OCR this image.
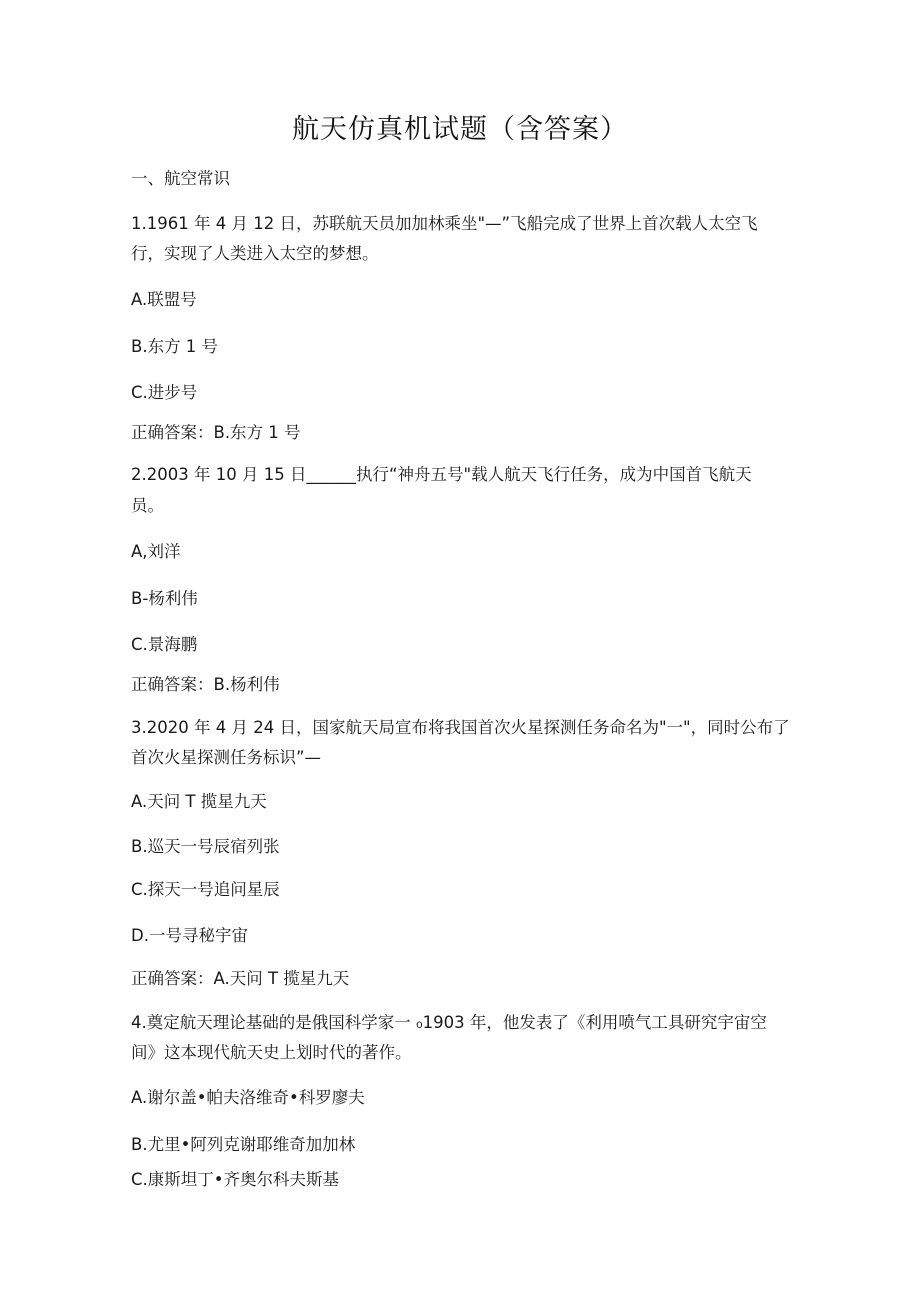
航天仿真机试题（含答案）
一、航空常识
1.1961 年 4 月 12 日，苏联航天员加加林乘坐"—”飞船完成了世界上首次载人太空飞
行，实现了人类进入太空的梦想。
A.联盟号
B.东方 1 号
C.进步号
正确答案：B.东方 1 号
2.2003 年 10 月 15 日______执行“神舟五号"载人航天飞行任务，成为中国首飞航天
员。
A,刘洋
B-杨利伟
C.景海鹏
正确答案：B.杨利伟
3.2020 年 4 月 24 日，国家航天局宣布将我国首次火星探测任务命名为"一"，同时公布了
首次火星探测任务标识”—
A.天问 T 揽星九天
B.巡天一号辰宿列张
C.探天一号追问星辰
D.一号寻秘宇宙
正确答案：A.天问 T 揽星九天
4.奠定航天理论基础的是俄国科学家一 ₀1903 年，他发表了《利用喷气工具研究宇宙空
间》这本现代航天史上划时代的著作。
A.谢尔盖•帕夫洛维奇•科罗廖夫
B.尤里•阿列克谢耶维奇加加林
C.康斯坦丁•齐奥尔科夫斯基
